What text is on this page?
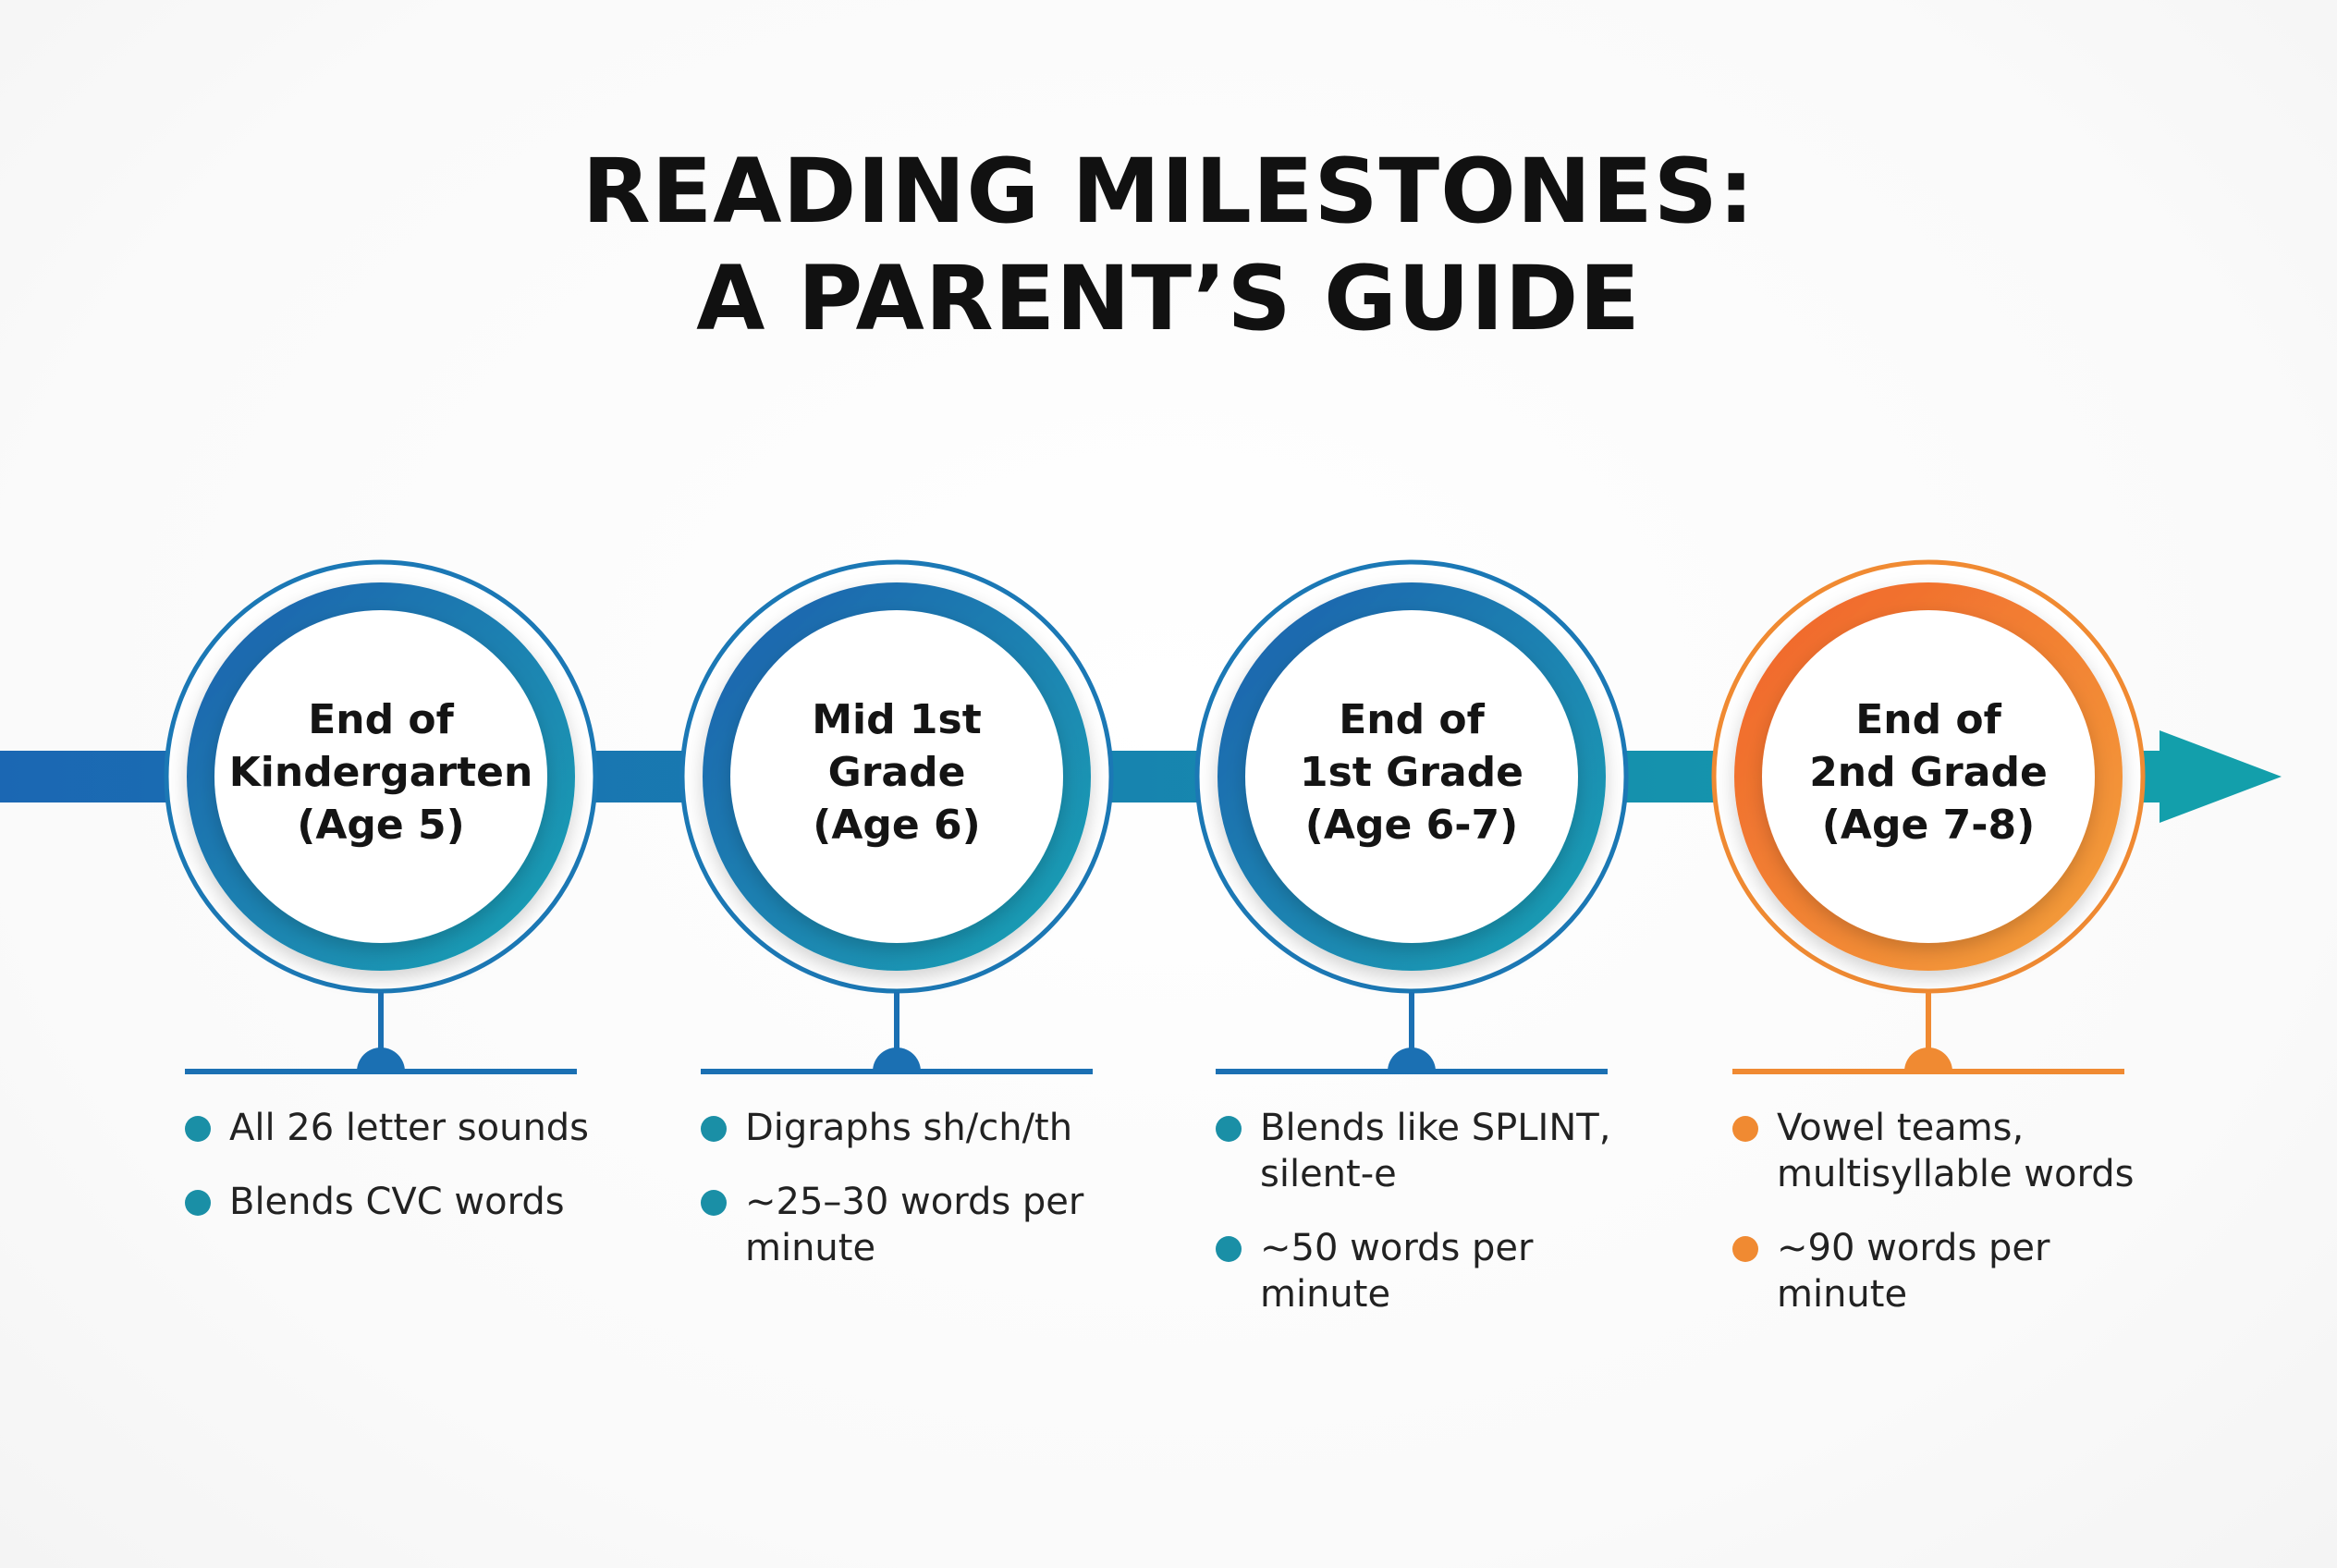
READING MILESTONES:
A PARENT’S GUIDE
End of
Kindergarten
(Age 5)
Mid 1st
Grade
(Age 6)
End of
1st Grade
(Age 6-7)
End of
2nd Grade
(Age 7-8)
All 26 letter sounds
Blends CVC words
Digraphs sh/ch/th
~25–30 words per minute
Blends like SPLINT, silent-e
~50 words per minute
Vowel teams, multisyllable words
~90 words per minute
